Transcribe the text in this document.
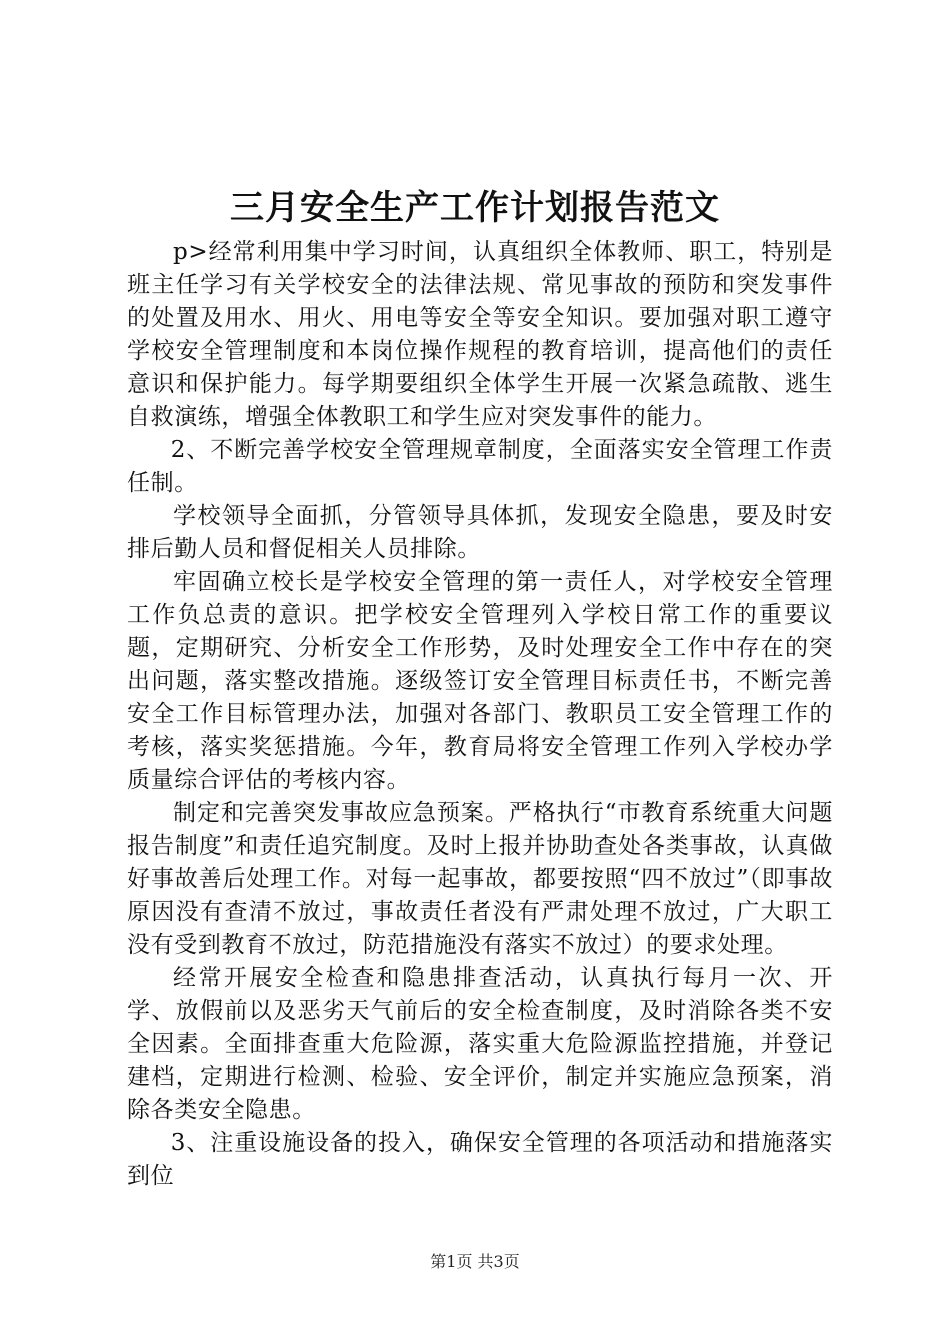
三月安全生产工作计划报告范文

p>经常利用集中学习时间，认真组织全体教师、职工，特别是班主任学习有关学校安全的法律法规、常见事故的预防和突发事件的处置及用水、用火、用电等安全等安全知识。要加强对职工遵守学校安全管理制度和本岗位操作规程的教育培训，提高他们的责任意识和保护能力。每学期要组织全体学生开展一次紧急疏散、逃生自救演练，增强全体教职工和学生应对突发事件的能力。

2、不断完善学校安全管理规章制度，全面落实安全管理工作责任制。

学校领导全面抓，分管领导具体抓，发现安全隐患，要及时安排后勤人员和督促相关人员排除。

牢固确立校长是学校安全管理的第一责任人，对学校安全管理工作负总责的意识。把学校安全管理列入学校日常工作的重要议题，定期研究、分析安全工作形势，及时处理安全工作中存在的突出问题，落实整改措施。逐级签订安全管理目标责任书，不断完善安全工作目标管理办法，加强对各部门、教职员工安全管理工作的考核，落实奖惩措施。今年，教育局将安全管理工作列入学校办学质量综合评估的考核内容。

制定和完善突发事故应急预案。严格执行“市教育系统重大问题报告制度”和责任追究制度。及时上报并协助查处各类事故，认真做好事故善后处理工作。对每一起事故，都要按照“四不放过”（即事故原因没有查清不放过，事故责任者没有严肃处理不放过，广大职工没有受到教育不放过，防范措施没有落实不放过）的要求处理。

经常开展安全检查和隐患排查活动，认真执行每月一次、开学、放假前以及恶劣天气前后的安全检查制度，及时消除各类不安全因素。全面排查重大危险源，落实重大危险源监控措施，并登记建档，定期进行检测、检验、安全评价，制定并实施应急预案，消除各类安全隐患。

3、注重设施设备的投入，确保安全管理的各项活动和措施落实到位

第1页 共3页
